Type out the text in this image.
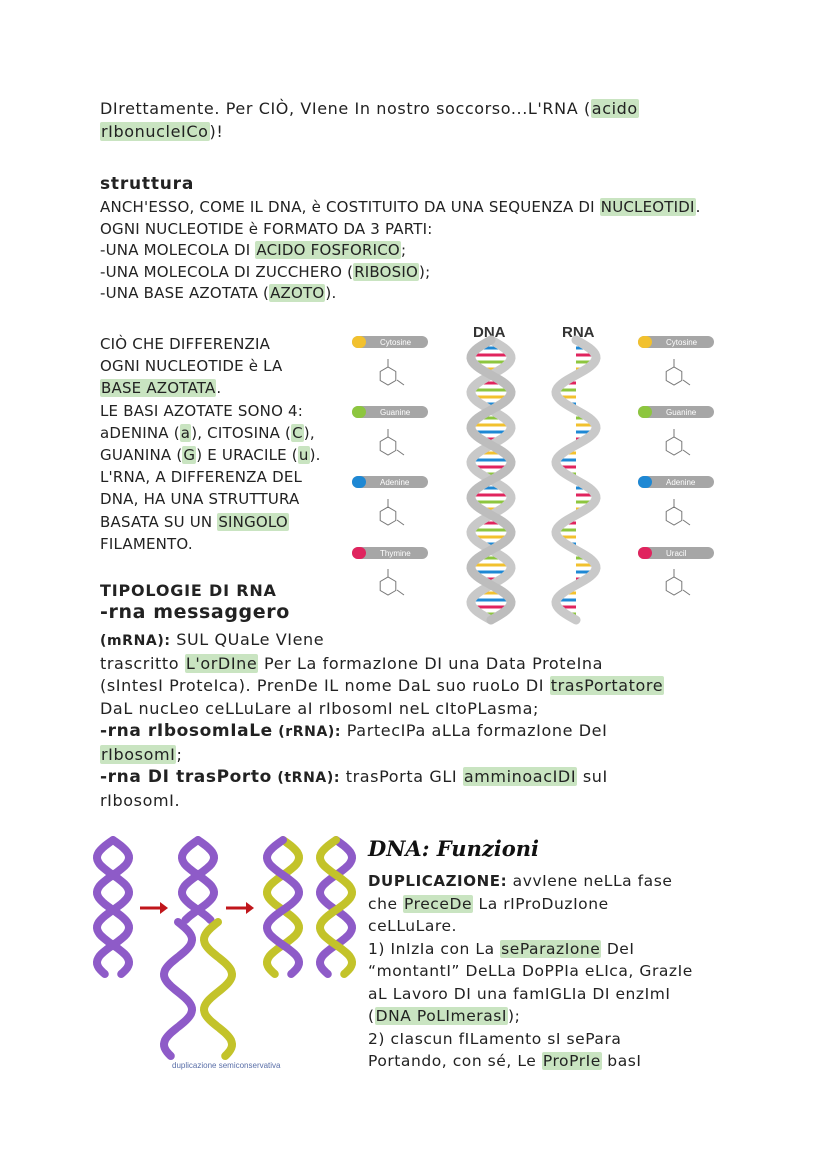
DIrettamente. Per CIÒ, VIene In nostro soccorso...L'RNA (acido
rIbonucleICo)!
struttura
ANCH'ESSO, COME IL DNA, è COSTITUITO DA UNA SEQUENZA DI NUCLEOTIDI.
OGNI NUCLEOTIDE è FORMATO DA 3 PARTI:
-UNA MOLECOLA DI ACIDO FOSFORICO;
-UNA MOLECOLA DI ZUCCHERO (RIBOSIO);
-UNA BASE AZOTATA (AZOTO).
CIÒ CHE DIFFERENZIA
OGNI NUCLEOTIDE è LA
BASE AZOTATA.
LE BASI AZOTATE SONO 4:
aDENINA (a), CITOSINA (C),
GUANINA (G) E URACILE (u).
L'RNA, A DIFFERENZA DEL
DNA, HA UNA STRUTTURA
BASATA SU UN SINGOLO
FILAMENTO.
DNA	RNA
Cytosine
Guanine
Adenine
Thymine
Cytosine
Guanine
Adenine
Uracil
TIPOLOGIE DI RNA
-rna messaggero
(mRNA): SUL QUaLe VIene
trascritto L'orDIne Per La formazIone DI una Data ProteIna
(sIntesI ProteIca). PrenDe IL nome DaL suo ruoLo DI trasPortatore
DaL nucLeo ceLLuLare aI rIbosomI neL cItoPLasma;
-rna rIbosomIaLe (rRNA): PartecIPa aLLa formazIone DeI
rIbosomI;
-rna DI trasPorto (tRNA): trasPorta GLI amminoacIDI suI
rIbosomI.
duplicazione semiconservativa
DNA: Funzioni
DUPLICAZIONE: avvIene neLLa fase
che PrecеDe La rIProDuzIone
ceLLuLare.
1) InIzIa con La seParazIone DeI
“montantI” DeLLa DoPPIa eLIca, GrazIe
aL Lavoro DI una famIGLIa DI enzImI
(DNA PoLImerasI);
2) cIascun fILamento sI sePara
Portando, con sé, Le ProPrIe basI
